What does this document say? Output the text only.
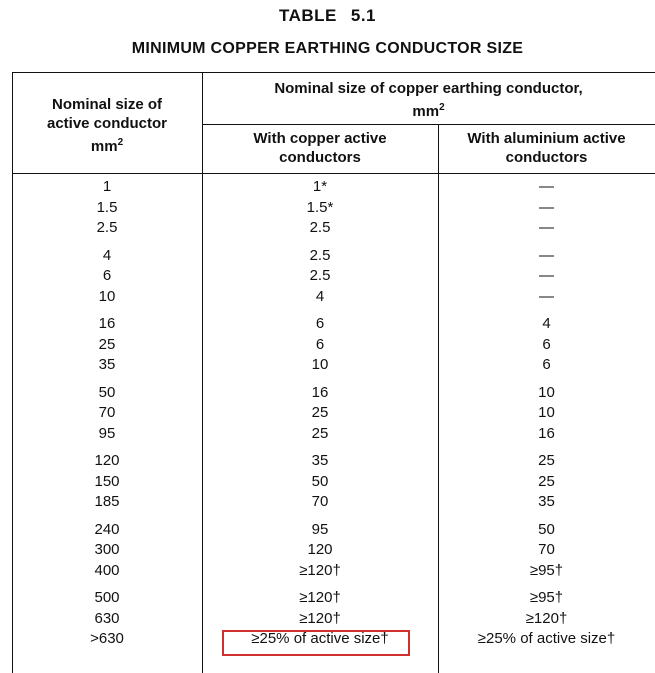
TABLE 5.1
MINIMUM COPPER EARTHING CONDUCTOR SIZE
Nominal size of
active conductor
$mm^2$
Nominal size of copper earthing conductor,
$mm^2$
With copper active
conductors
With aluminium active
conductors
1	1*	—
1.5	1.5*	—
2.5	2.5	—
4	2.5	—
6	2.5	—
10	4	—
16	6	4
25	6	6
35	10	6
50	16	10
70	25	10
95	25	16
120	35	25
150	50	25
185	70	35
240	95	50
300	120	70
400	≥120†	≥95†
500	≥120†	≥95†
630	≥120†	≥120†
>630	≥25% of active size†	≥25% of active size†
